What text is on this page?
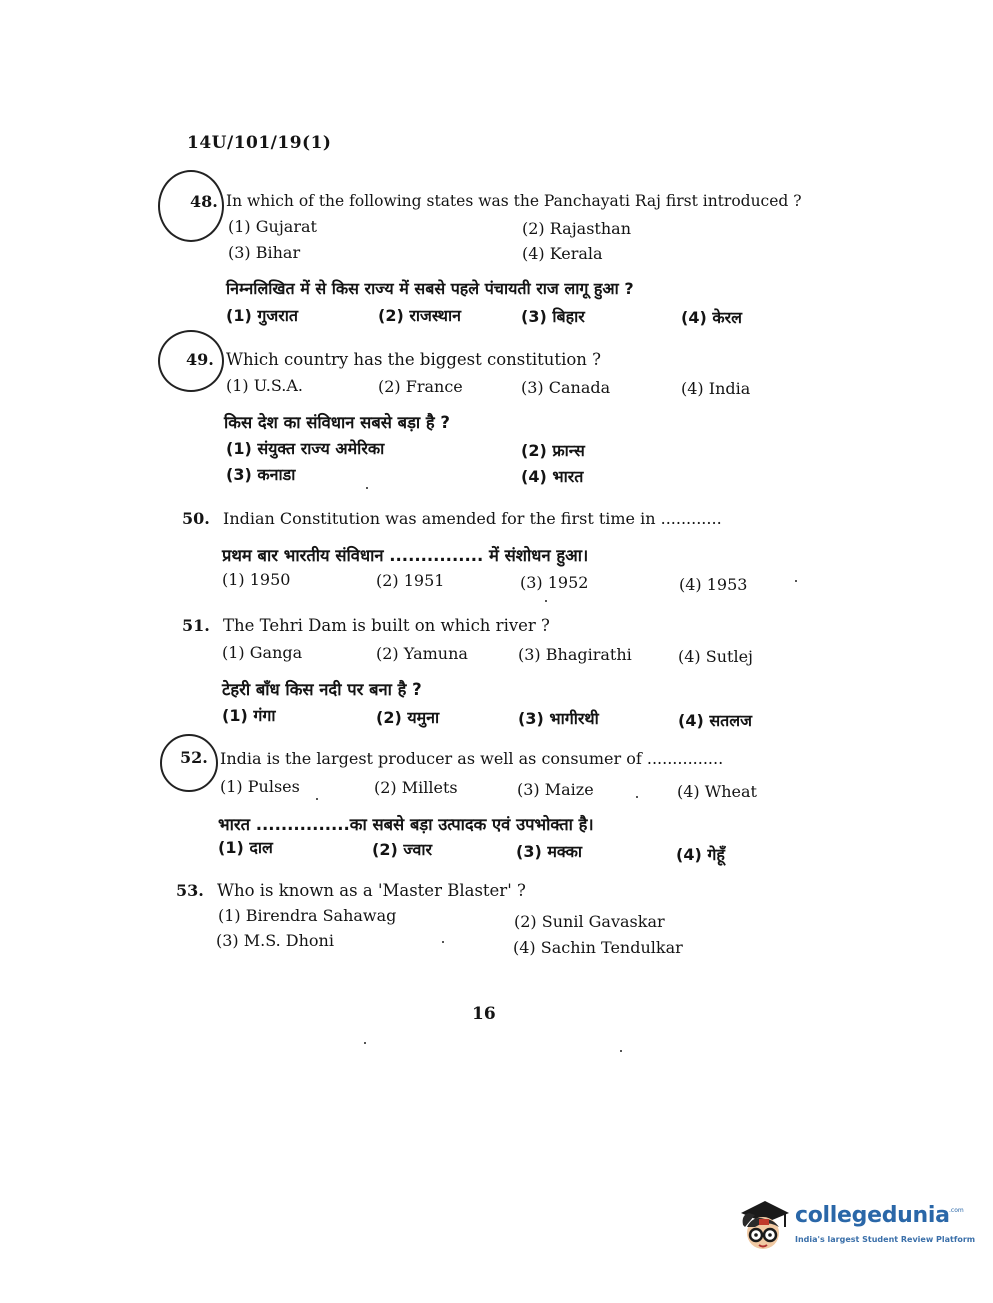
14U/101/19(1)
48. In which of the following states was the Panchayati Raj first introduced ?
(1) Gujarat	(2) Rajasthan
(3) Bihar	(4) Kerala
निम्नलिखित में से किस राज्य में सबसे पहले पंचायती राज लागू हुआ ?
(1) गुजरात	(2) राजस्थान	(3) बिहार	(4) केरल
49. Which country has the biggest constitution ?
(1) U.S.A.	(2) France	(3) Canada	(4) India
किस देश का संविधान सबसे बड़ा है ?
(1) संयुक्त राज्य अमेरिका	(2) फ्रान्स
(3) कनाडा	(4) भारत
50. Indian Constitution was amended for the first time in ............
प्रथम बार भारतीय संविधान ............... में संशोधन हुआ।
(1) 1950	(2) 1951	(3) 1952	(4) 1953
51. The Tehri Dam is built on which river ?
(1) Ganga	(2) Yamuna	(3) Bhagirathi	(4) Sutlej
टेहरी बाँध किस नदी पर बना है ?
(1) गंगा	(2) यमुना	(3) भागीरथी	(4) सतलज
52. India is the largest producer as well as consumer of ...............
(1) Pulses	(2) Millets	(3) Maize	(4) Wheat
भारत ...............का सबसे बड़ा उत्पादक एवं उपभोक्ता है।
(1) दाल	(2) ज्वार	(3) मक्का	(4) गेहूँ
53. Who is known as a 'Master Blaster' ?
(1) Birendra Sahawag	(2) Sunil Gavaskar
(3) M.S. Dhoni	(4) Sachin Tendulkar
16
collegedunia .com
India's largest Student Review Platform
